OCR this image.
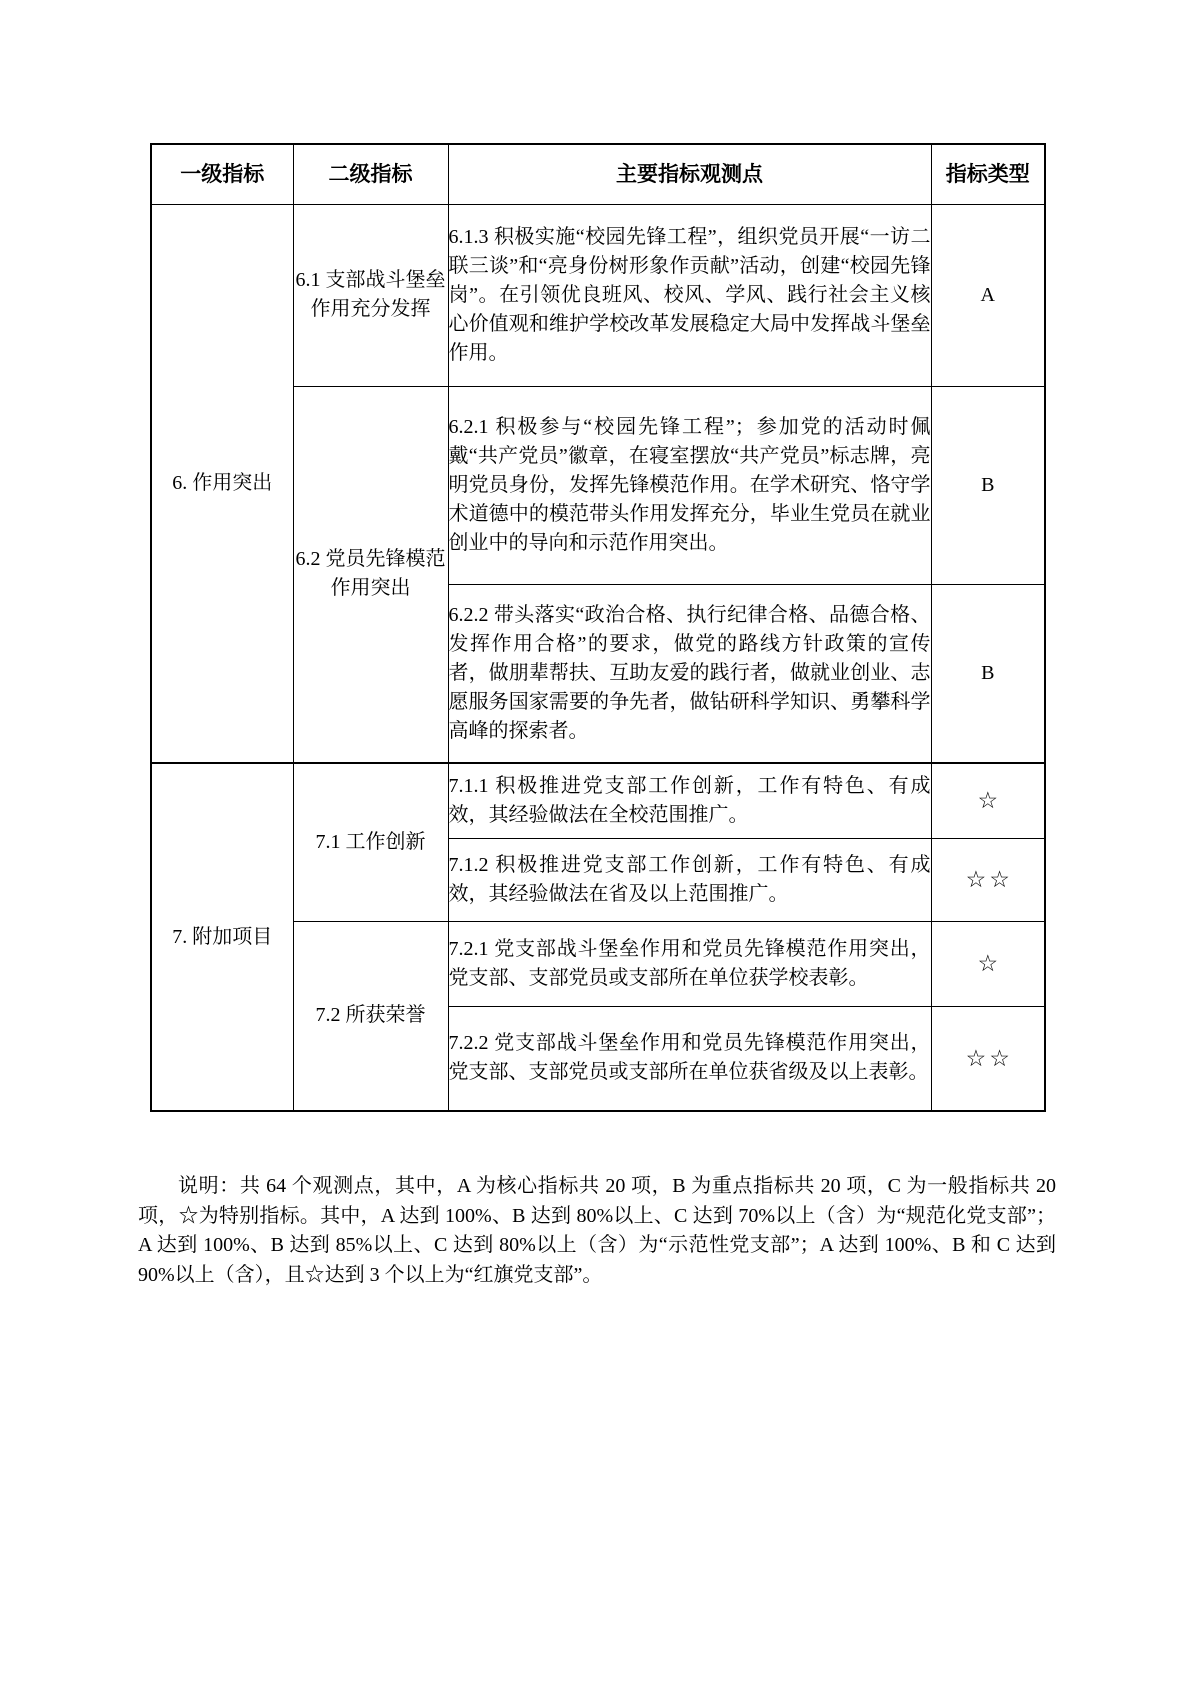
一级指标	二级指标	主要指标观测点	指标类型
6. 作用突出	6.1 支部战斗堡垒作用充分发挥	6.1.3 积极实施“校园先锋工程”，组织党员开展“一访二联三谈”和“亮身份树形象作贡献”活动，创建“校园先锋岗”。在引领优良班风、校风、学风、践行社会主义核心价值观和维护学校改革发展稳定大局中发挥战斗堡垒作用。	A
	6.2 党员先锋模范作用突出	6.2.1 积极参与“校园先锋工程”；参加党的活动时佩戴“共产党员”徽章，在寝室摆放“共产党员”标志牌，亮明党员身份，发挥先锋模范作用。在学术研究、恪守学术道德中的模范带头作用发挥充分，毕业生党员在就业创业中的导向和示范作用突出。	B
		6.2.2 带头落实“政治合格、执行纪律合格、品德合格、发挥作用合格”的要求，做党的路线方针政策的宣传者，做朋辈帮扶、互助友爱的践行者，做就业创业、志愿服务国家需要的争先者，做钻研科学知识、勇攀科学高峰的探索者。	B
7. 附加项目	7.1 工作创新	7.1.1 积极推进党支部工作创新，工作有特色、有成效，其经验做法在全校范围推广。	☆
		7.1.2 积极推进党支部工作创新，工作有特色、有成效，其经验做法在省及以上范围推广。	☆☆
	7.2 所获荣誉	7.2.1 党支部战斗堡垒作用和党员先锋模范作用突出，党支部、支部党员或支部所在单位获学校表彰。	☆
		7.2.2 党支部战斗堡垒作用和党员先锋模范作用突出，党支部、支部党员或支部所在单位获省级及以上表彰。	☆☆

说明：共 64 个观测点，其中，A 为核心指标共 20 项，B 为重点指标共 20 项，C 为一般指标共 20 项，☆为特别指标。其中，A 达到 100%、B 达到 80%以上、C 达到 70%以上（含）为“规范化党支部”；A 达到 100%、B 达到 85%以上、C 达到 80%以上（含）为“示范性党支部”；A 达到 100%、B 和 C 达到 90%以上（含），且☆达到 3 个以上为“红旗党支部”。
